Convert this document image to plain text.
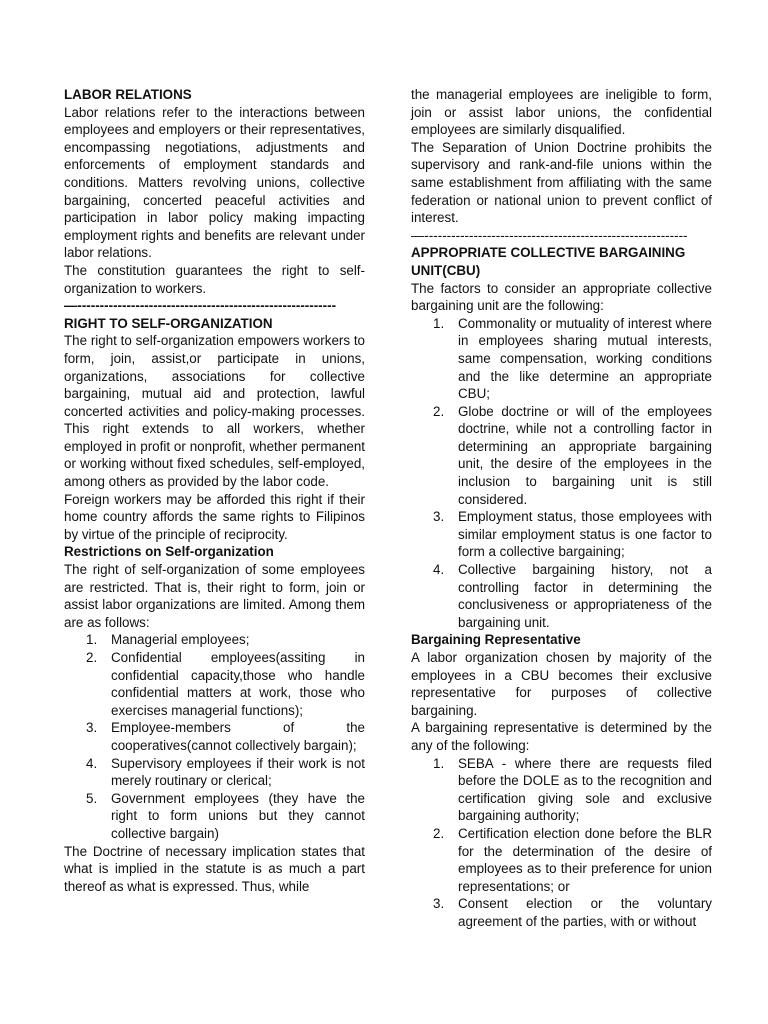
LABOR RELATIONS

Labor relations refer to the interactions between employees and employers or their representatives, encompassing negotiations, adjustments and enforcements of employment standards and conditions. Matters revolving unions, collective bargaining, concerted peaceful activities and participation in labor policy making impacting employment rights and benefits are relevant under labor relations.

The constitution guarantees the right to self-organization to workers.

—----------------------------------------------------------
RIGHT TO SELF-ORGANIZATION

The right to self-organization empowers workers to form, join, assist,or participate in unions, organizations, associations for collective bargaining, mutual aid and protection, lawful concerted activities and policy-making processes. This right extends to all workers, whether employed in profit or nonprofit, whether permanent or working without fixed schedules, self-employed, among others as provided by the labor code.

Foreign workers may be afforded this right if their home country affords the same rights to Filipinos by virtue of the principle of reciprocity.

Restrictions on Self-organization

The right of self-organization of some employees are restricted. That is, their right to form, join or assist labor organizations are limited. Among them are as follows:

1. Managerial employees;
2. Confidential employees(assiting in confidential capacity,those who handle confidential matters at work, those who exercises managerial functions);
3. Employee-members of the cooperatives(cannot collectively bargain);
4. Supervisory employees if their work is not merely routinary or clerical;
5. Government employees (they have the right to form unions but they cannot collective bargain)

The Doctrine of necessary implication states that what is implied in the statute is as much a part thereof as what is expressed. Thus, while

the managerial employees are ineligible to form, join or assist labor unions, the confidential employees are similarly disqualified.

The Separation of Union Doctrine prohibits the supervisory and rank-and-file unions within the same establishment from affiliating with the same federation or national union to prevent conflict of interest.

—-----------------------------------------------------------
APPROPRIATE COLLECTIVE BARGAINING UNIT(CBU)

The factors to consider an appropriate collective bargaining unit are the following:

1. Commonality or mutuality of interest where in employees sharing mutual interests, same compensation, working conditions and the like determine an appropriate CBU;
2. Globe doctrine or will of the employees doctrine, while not a controlling factor in determining an appropriate bargaining unit, the desire of the employees in the inclusion to bargaining unit is still considered.
3. Employment status, those employees with similar employment status is one factor to form a collective bargaining;
4. Collective bargaining history, not a controlling factor in determining the conclusiveness or appropriateness of the bargaining unit.
Bargaining Representative

A labor organization chosen by majority of the employees in a CBU becomes their exclusive representative for purposes of collective bargaining.

A bargaining representative is determined by the any of the following:

1. SEBA - where there are requests filed before the DOLE as to the recognition and certification giving sole and exclusive bargaining authority;
2. Certification election done before the BLR for the determination of the desire of employees as to their preference for union representations; or
3. Consent election or the voluntary agreement of the parties, with or without
